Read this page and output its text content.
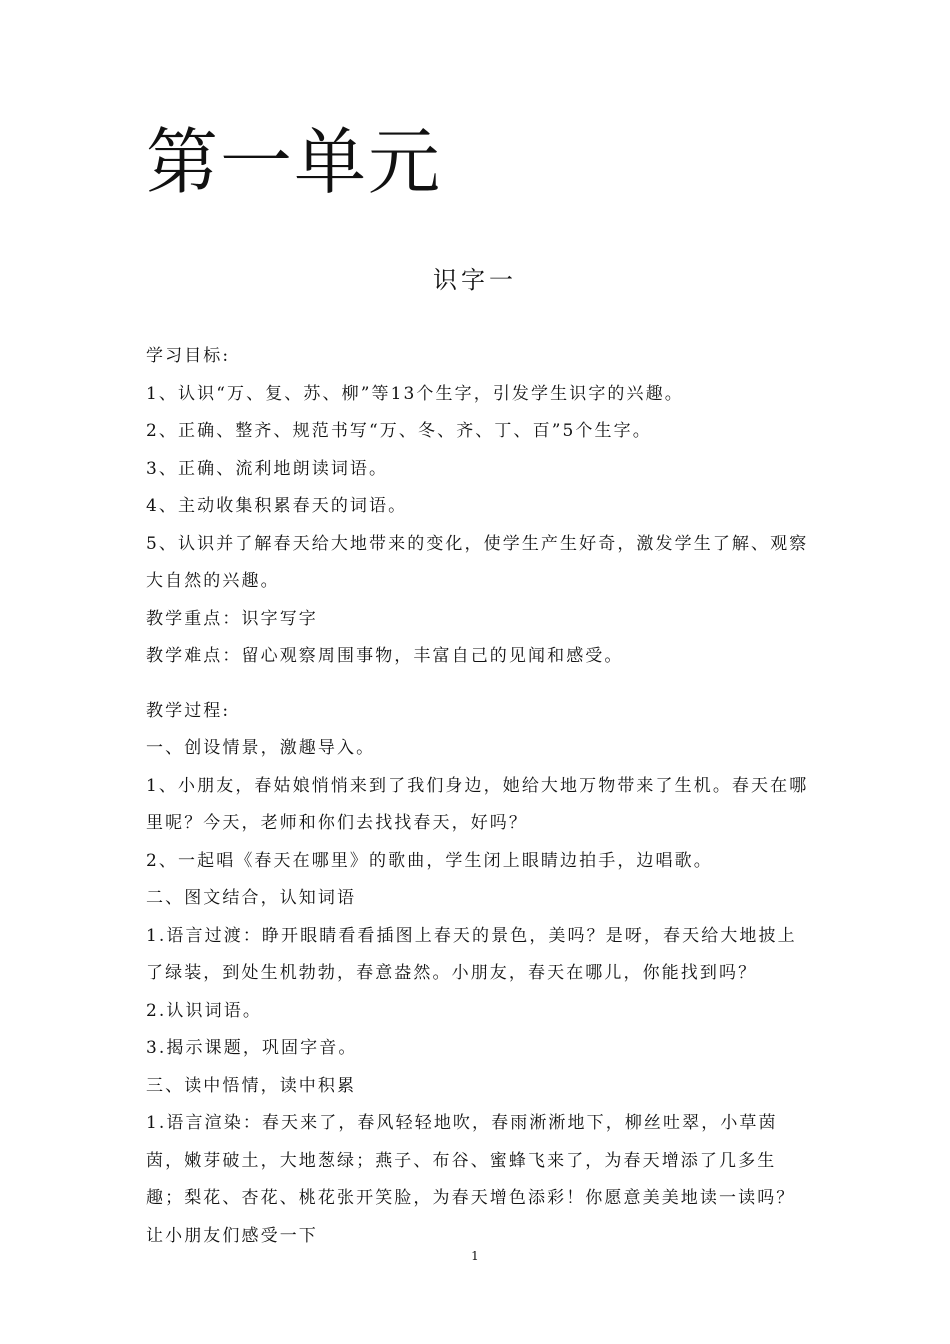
第一单元
识字一

学习目标:

1、认识“万、复、苏、柳”等13个生字，引发学生识字的兴趣。

2、正确、整齐、规范书写“万、冬、齐、丁、百”5个生字。

3、正确、流利地朗读词语。

4、主动收集积累春天的词语。

5、认识并了解春天给大地带来的变化，使学生产生好奇，激发学生了解、观察大自然的兴趣。

教学重点：识字写字

教学难点：留心观察周围事物，丰富自己的见闻和感受。

教学过程:

一、创设情景，激趣导入。

1、小朋友，春姑娘悄悄来到了我们身边，她给大地万物带来了生机。春天在哪里呢？今天，老师和你们去找找春天，好吗？

2、一起唱《春天在哪里》的歌曲，学生闭上眼睛边拍手，边唱歌。

二、图文结合，认知词语

1.语言过渡：睁开眼睛看看插图上春天的景色，美吗？是呀，春天给大地披上了绿装，到处生机勃勃，春意盎然。小朋友，春天在哪儿，你能找到吗？

2.认识词语。

3.揭示课题，巩固字音。

三、读中悟情，读中积累

1.语言渲染：春天来了，春风轻轻地吹，春雨淅淅地下，柳丝吐翠，小草茵茵，嫩芽破土，大地葱绿；燕子、布谷、蜜蜂飞来了，为春天增添了几多生趣；梨花、杏花、桃花张开笑脸，为春天增色添彩！你愿意美美地读一读吗？让小朋友们感受一下

1
